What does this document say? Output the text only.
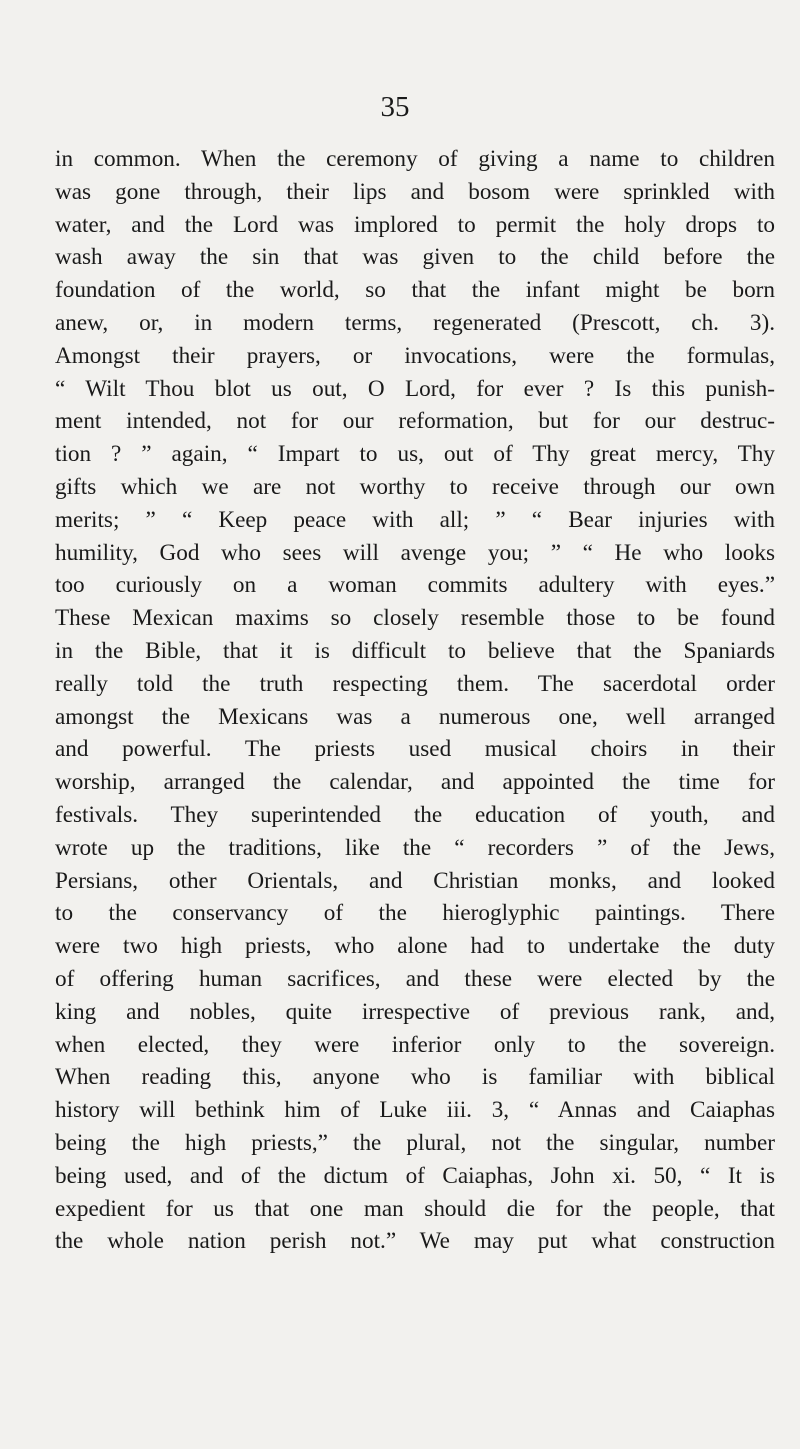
35

in common. When the ceremony of giving a name to children
was gone through, their lips and bosom were sprinkled with
water, and the Lord was implored to permit the holy drops to
wash away the sin that was given to the child before the
foundation of the world, so that the infant might be born
anew, or, in modern terms, regenerated (Prescott, ch. 3).
Amongst their prayers, or invocations, were the formulas,
“ Wilt Thou blot us out, O Lord, for ever ? Is this punish-
ment intended, not for our reformation, but for our destruc-
tion ? ” again, “ Impart to us, out of Thy great mercy, Thy
gifts which we are not worthy to receive through our own
merits; ” “ Keep peace with all; ” “ Bear injuries with
humility, God who sees will avenge you; ” “ He who looks
too curiously on a woman commits adultery with eyes.”
These Mexican maxims so closely resemble those to be found
in the Bible, that it is difficult to believe that the Spaniards
really told the truth respecting them. The sacerdotal order
amongst the Mexicans was a numerous one, well arranged
and powerful. The priests used musical choirs in their
worship, arranged the calendar, and appointed the time for
festivals. They superintended the education of youth, and
wrote up the traditions, like the “ recorders ” of the Jews,
Persians, other Orientals, and Christian monks, and looked
to the conservancy of the hieroglyphic paintings. There
were two high priests, who alone had to undertake the duty
of offering human sacrifices, and these were elected by the
king and nobles, quite irrespective of previous rank, and,
when elected, they were inferior only to the sovereign.
When reading this, anyone who is familiar with biblical
history will bethink him of Luke iii. 3, “ Annas and Caiaphas
being the high priests,” the plural, not the singular, number
being used, and of the dictum of Caiaphas, John xi. 50, “ It is
expedient for us that one man should die for the people, that
the whole nation perish not.” We may put what construction
